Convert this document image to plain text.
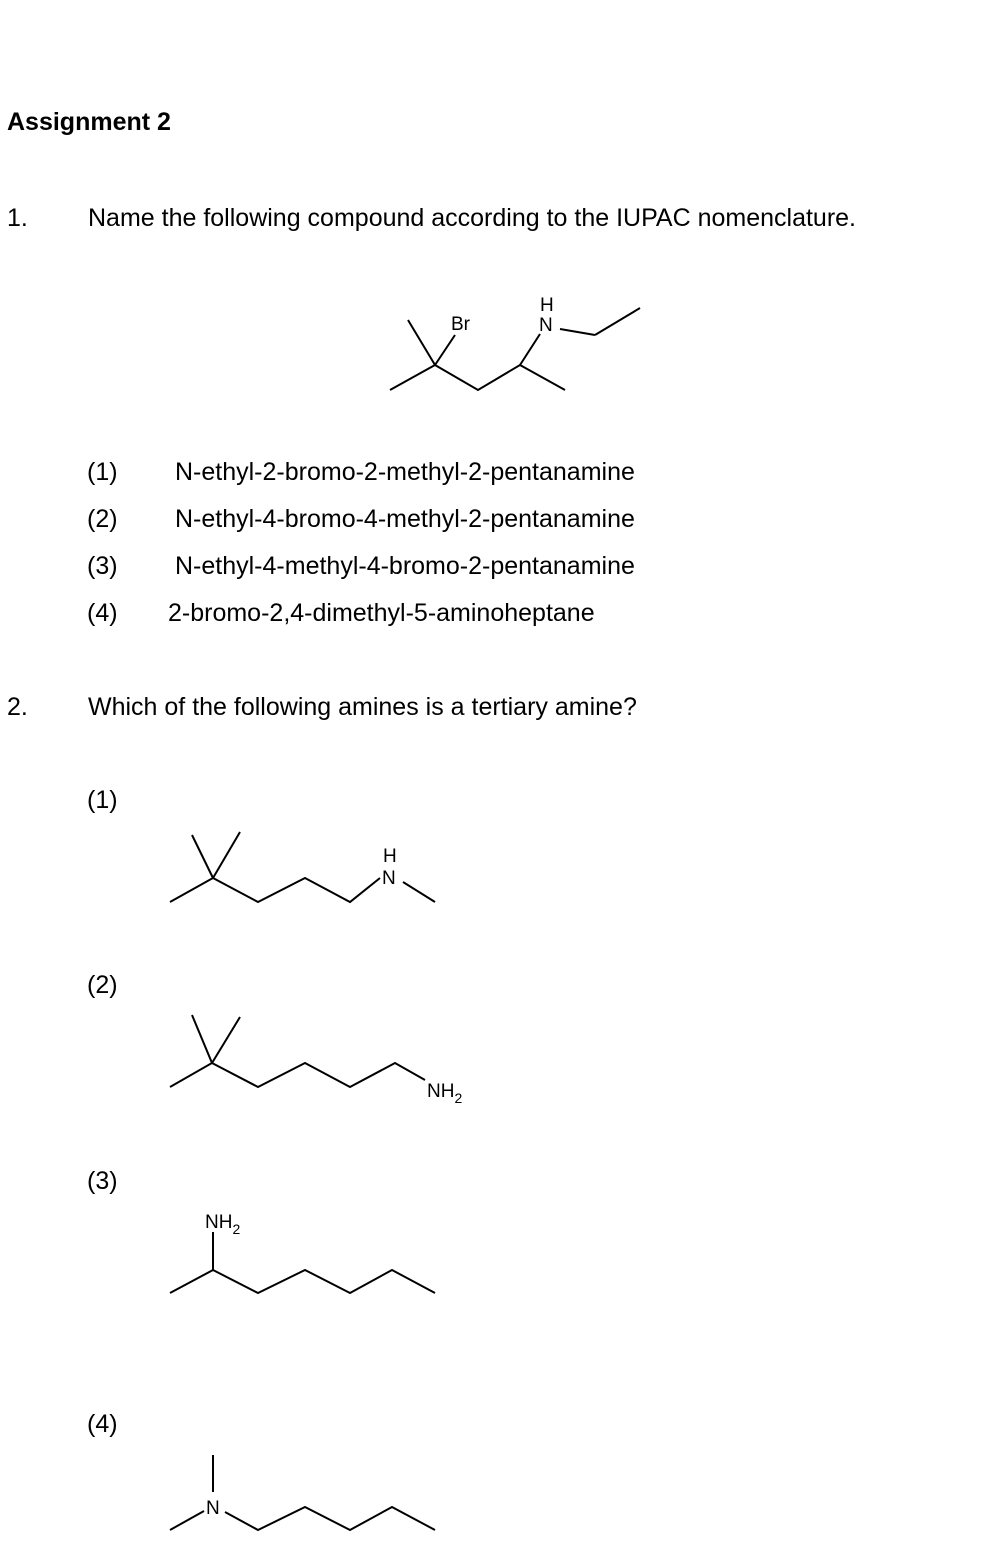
Assignment 2
1. Name the following compound according to the IUPAC nomenclature.
Br
H
N
(1) N-ethyl-2-bromo-2-methyl-2-pentanamine
(2) N-ethyl-4-bromo-4-methyl-2-pentanamine
(3) N-ethyl-4-methyl-4-bromo-2-pentanamine
(4) 2-bromo-2,4-dimethyl-5-aminoheptane
2. Which of the following amines is a tertiary amine?
(1)
H
N
(2)
$NH_2$
(3)
$NH_2$
(4)
N
